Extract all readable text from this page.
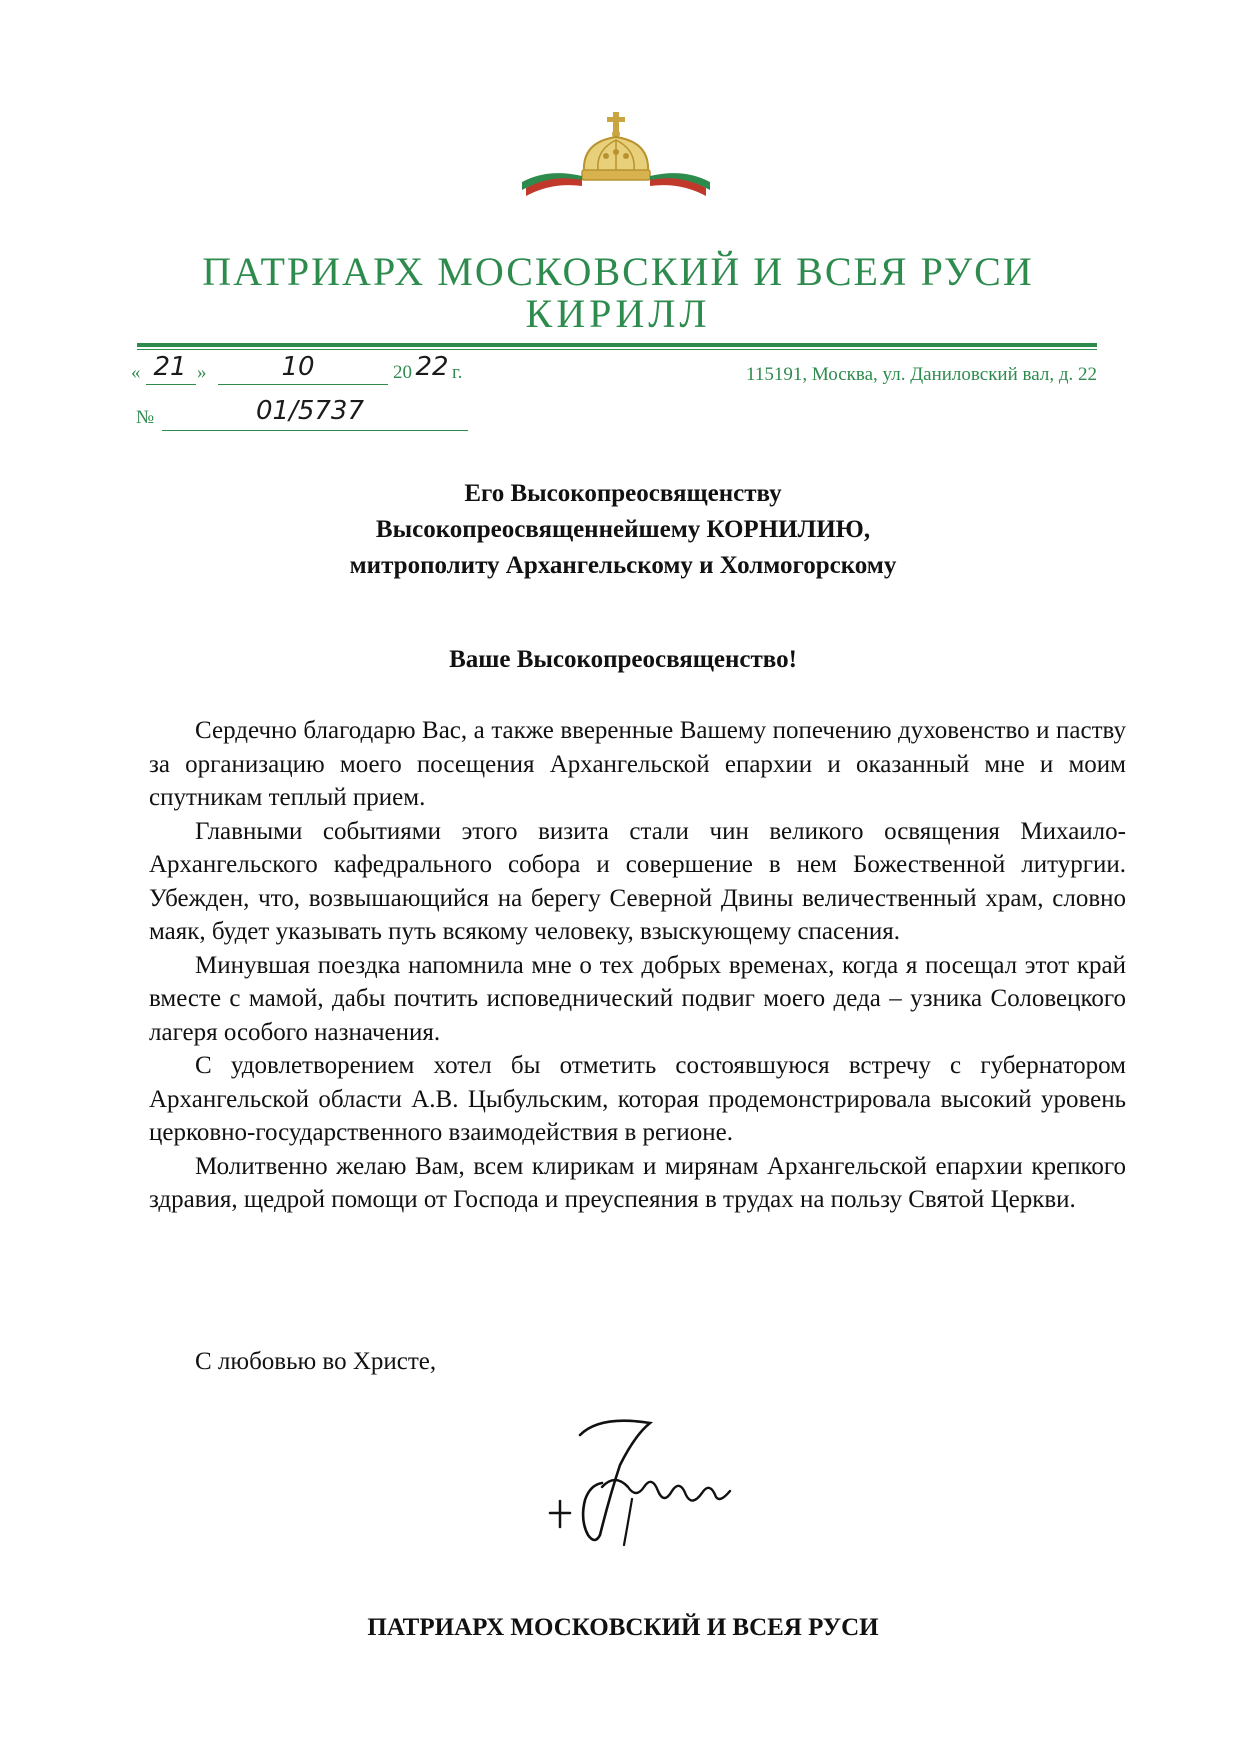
ПАТРИАРХ МОСКОВСКИЙ И ВСЕЯ РУСИ
КИРИЛЛ
« 21 »	10	20 22 г.	115191, Москва, ул. Даниловский вал, д. 22
№	01/5737
Его Высокопреосвященству
Высокопреосвященнейшему КОРНИЛИЮ,
митрополиту Архангельскому и Холмогорскому
Ваше Высокопреосвященство!

Сердечно благодарю Вас, а также вверенные Вашему попечению духовенство и паству за организацию моего посещения Архангельской епархии и оказанный мне и моим спутникам теплый прием.

Главными событиями этого визита стали чин великого освящения Михаило-Архангельского кафедрального собора и совершение в нем Божественной литургии. Убежден, что, возвышающийся на берегу Северной Двины величественный храм, словно маяк, будет указывать путь всякому человеку, взыскующему спасения.

Минувшая поездка напомнила мне о тех добрых временах, когда я посещал этот край вместе с мамой, дабы почтить исповеднический подвиг моего деда – узника Соловецкого лагеря особого назначения.

С удовлетворением хотел бы отметить состоявшуюся встречу с губернатором Архангельской области А.В. Цыбульским, которая продемонстрировала высокий уровень церковно-государственного взаимодействия в регионе.

Молитвенно желаю Вам, всем клирикам и мирянам Архангельской епархии крепкого здравия, щедрой помощи от Господа и преуспеяния в трудах на пользу Святой Церкви.

С любовью во Христе,
ПАТРИАРХ МОСКОВСКИЙ И ВСЕЯ РУСИ
